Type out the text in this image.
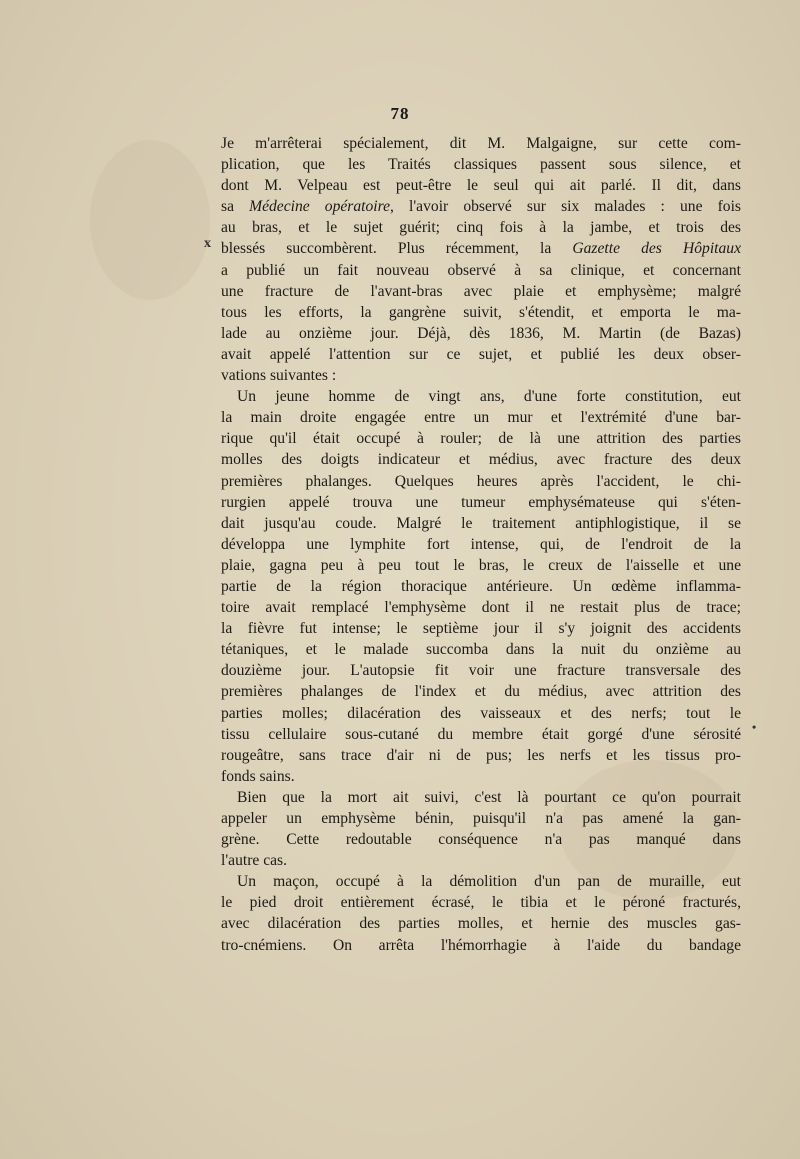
78
x
•
Je m'arrêterai spécialement, dit M. Malgaigne, sur cette com-
plication, que les Traités classiques passent sous silence, et
dont M. Velpeau est peut-être le seul qui ait parlé. Il dit, dans
sa Médecine opératoire, l'avoir observé sur six malades : une fois
au bras, et le sujet guérit; cinq fois à la jambe, et trois des
blessés succombèrent. Plus récemment, la Gazette des Hôpitaux
a publié un fait nouveau observé à sa clinique, et concernant
une fracture de l'avant-bras avec plaie et emphysème; malgré
tous les efforts, la gangrène suivit, s'étendit, et emporta le ma-
lade au onzième jour. Déjà, dès 1836, M. Martin (de Bazas)
avait appelé l'attention sur ce sujet, et publié les deux obser-
vations suivantes :
Un jeune homme de vingt ans, d'une forte constitution, eut
la main droite engagée entre un mur et l'extrémité d'une bar-
rique qu'il était occupé à rouler; de là une attrition des parties
molles des doigts indicateur et médius, avec fracture des deux
premières phalanges. Quelques heures après l'accident, le chi-
rurgien appelé trouva une tumeur emphysémateuse qui s'éten-
dait jusqu'au coude. Malgré le traitement antiphlogistique, il se
développa une lymphite fort intense, qui, de l'endroit de la
plaie, gagna peu à peu tout le bras, le creux de l'aisselle et une
partie de la région thoracique antérieure. Un œdème inflamma-
toire avait remplacé l'emphysème dont il ne restait plus de trace;
la fièvre fut intense; le septième jour il s'y joignit des accidents
tétaniques, et le malade succomba dans la nuit du onzième au
douzième jour. L'autopsie fit voir une fracture transversale des
premières phalanges de l'index et du médius, avec attrition des
parties molles; dilacération des vaisseaux et des nerfs; tout le
tissu cellulaire sous-cutané du membre était gorgé d'une sérosité
rougeâtre, sans trace d'air ni de pus; les nerfs et les tissus pro-
fonds sains.
Bien que la mort ait suivi, c'est là pourtant ce qu'on pourrait
appeler un emphysème bénin, puisqu'il n'a pas amené la gan-
grène. Cette redoutable conséquence n'a pas manqué dans
l'autre cas.
Un maçon, occupé à la démolition d'un pan de muraille, eut
le pied droit entièrement écrasé, le tibia et le péroné fracturés,
avec dilacération des parties molles, et hernie des muscles gas-
tro-cnémiens. On arrêta l'hémorrhagie à l'aide du bandage
